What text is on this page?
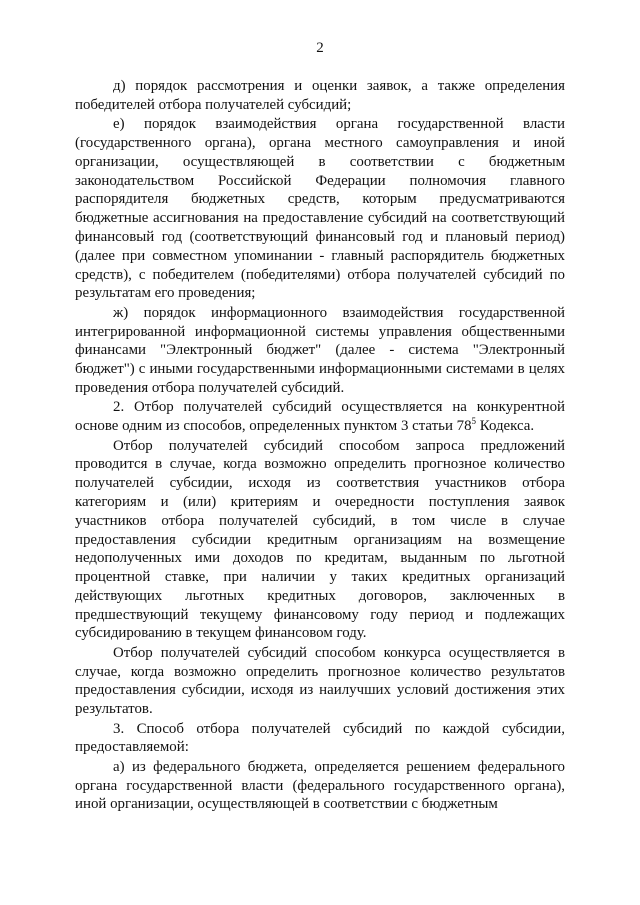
2

д) порядок рассмотрения и оценки заявок, а также определения победителей отбора получателей субсидий;

е) порядок взаимодействия органа государственной власти (государственного органа), органа местного самоуправления и иной организации, осуществляющей в соответствии с бюджетным законодательством Российской Федерации полномочия главного распорядителя бюджетных средств, которым предусматриваются бюджетные ассигнования на предоставление субсидий на соответствующий финансовый год (соответствующий финансовый год и плановый период) (далее при совместном упоминании - главный распорядитель бюджетных средств), с победителем (победителями) отбора получателей субсидий по результатам его проведения;

ж) порядок информационного взаимодействия государственной интегрированной информационной системы управления общественными финансами "Электронный бюджет" (далее - система "Электронный бюджет") с иными государственными информационными системами в целях проведения отбора получателей субсидий.

2. Отбор получателей субсидий осуществляется на конкурентной основе одним из способов, определенных пунктом 3 статьи $78^5$ Кодекса.

Отбор получателей субсидий способом запроса предложений проводится в случае, когда возможно определить прогнозное количество получателей субсидии, исходя из соответствия участников отбора категориям и (или) критериям и очередности поступления заявок участников отбора получателей субсидий, в том числе в случае предоставления субсидии кредитным организациям на возмещение недополученных ими доходов по кредитам, выданным по льготной процентной ставке, при наличии у таких кредитных организаций действующих льготных кредитных договоров, заключенных в предшествующий текущему финансовому году период и подлежащих субсидированию в текущем финансовом году.

Отбор получателей субсидий способом конкурса осуществляется в случае, когда возможно определить прогнозное количество результатов предоставления субсидии, исходя из наилучших условий достижения этих результатов.

3. Способ отбора получателей субсидий по каждой субсидии, предоставляемой:

а) из федерального бюджета, определяется решением федерального органа государственной власти (федерального государственного органа), иной организации, осуществляющей в соответствии с бюджетным
